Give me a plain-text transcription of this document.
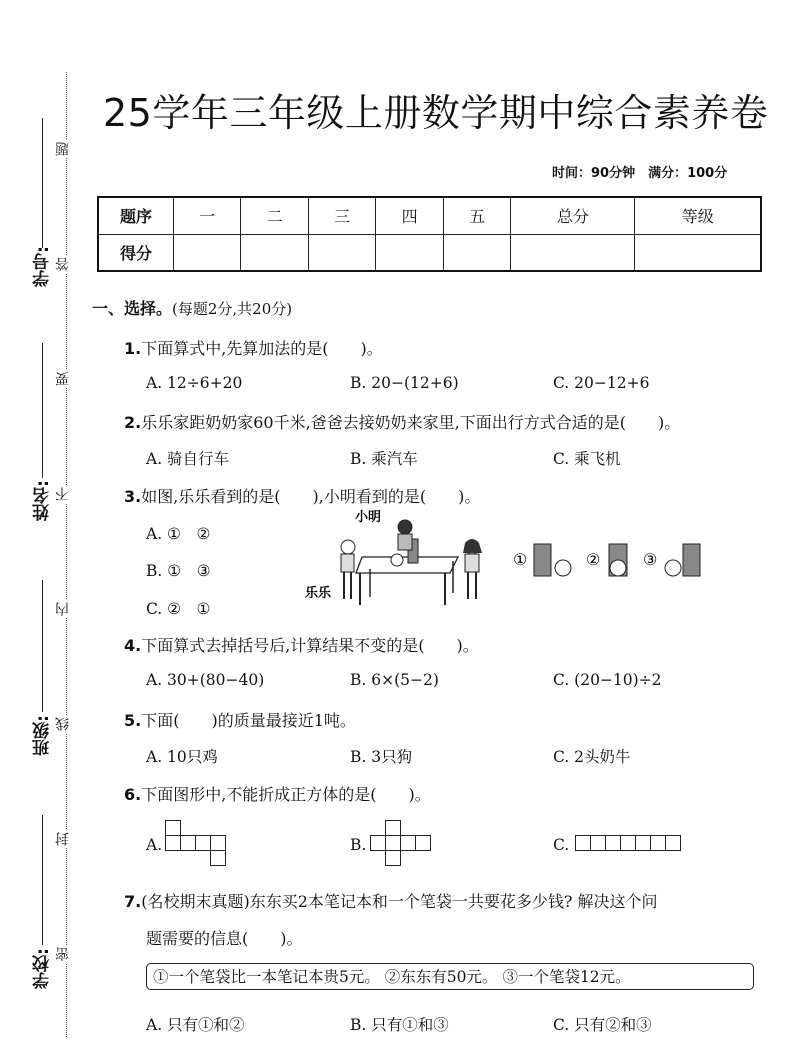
学号:
姓名:
班级:
学校:
题
答
要
不
内
线
封
密
25学年三年级上册数学期中综合素养卷
时间：90分钟　满分：100分
题序	一	二	三	四	五	总分	等级
得分							
一、选择。(每题2分,共20分)
1.下面算式中,先算加法的是(　　)。
A. 12÷6+20	B. 20−(12+6)	C. 20−12+6
2.乐乐家距奶奶家60千米,爸爸去接奶奶来家里,下面出行方式合适的是(　　)。
A. 骑自行车	B. 乘汽车	C. 乘飞机
3.如图,乐乐看到的是(　　),小明看到的是(　　)。
A. ①　②
B. ①　③
C. ②　①
小明
乐乐
①	②	③
4.下面算式去掉括号后,计算结果不变的是(　　)。
A. 30+(80−40)	B. 6×(5−2)	C. (20−10)÷2
5.下面(　　)的质量最接近1吨。
A. 10只鸡	B. 3只狗	C. 2头奶牛
6.下面图形中,不能折成正方体的是(　　)。
A.	B.	C.
7.(名校期末真题)东东买2本笔记本和一个笔袋一共要花多少钱? 解决这个问
题需要的信息(　　)。
①一个笔袋比一本笔记本贵5元。 ②东东有50元。 ③一个笔袋12元。
A. 只有①和②	B. 只有①和③	C. 只有②和③
